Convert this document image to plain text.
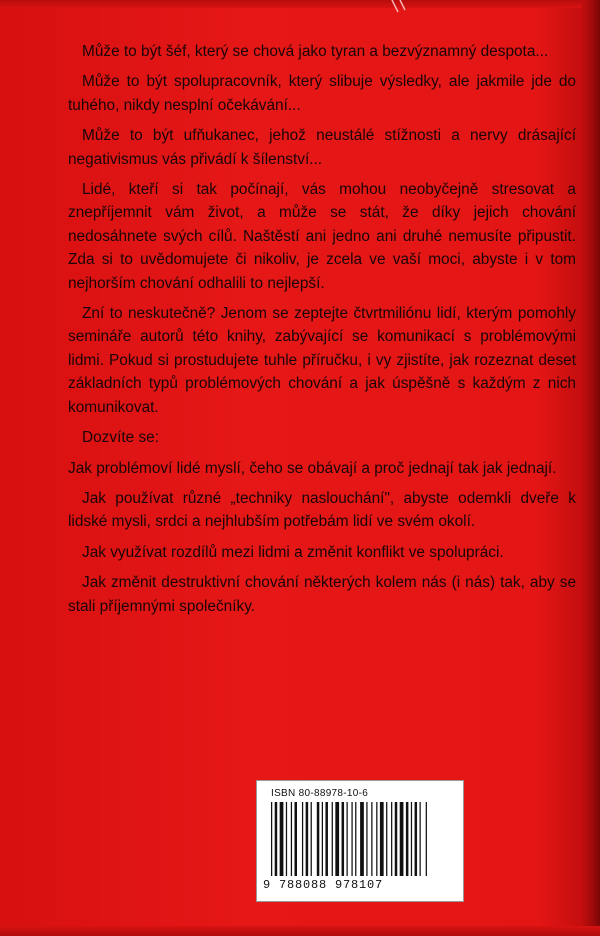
Může to být šéf, který se chová jako tyran a bezvýznamný despota...

Může to být spolupracovník, který slibuje výsledky, ale jakmile jde do tuhého, nikdy nesplní očekávání...

Může to být ufňukanec, jehož neustálé stížnosti a nervy drásající negativismus vás přivádí k šílenství...

Lidé, kteří si tak počínají, vás mohou neobyčejně stresovat a znepříjemnit vám život, a může se stát, že díky jejich chování nedosáhnete svých cílů. Naštěstí ani jedno ani druhé nemusíte připustit. Zda si to uvědomujete či nikoliv, je zcela ve vaší moci, abyste i v tom nejhorším chování odhalili to nejlepší.

Zní to neskutečně? Jenom se zeptejte čtvrtmiliónu lidí, kterým pomohly semináře autorů této knihy, zabývající se komunikací s problémovými lidmi. Pokud si prostudujete tuhle příručku, i vy zjistíte, jak rozeznat deset základních typů problémových chování a jak úspěšně s každým z nich komunikovat.

Dozvíte se:

Jak problémoví lidé myslí, čeho se obávají a proč jednají tak jak jednají.

Jak používat různé „techniky naslouchání", abyste odemkli dveře k lidské mysli, srdci a nejhlubším potřebám lidí ve svém okolí.

Jak využívat rozdílů mezi lidmi a změnit konflikt ve spolupráci.

Jak změnit destruktivní chování některých kolem nás (i nás) tak, aby se stali příjemnými společníky.

ISBN 80-88978-10-6
9 788088 978107
